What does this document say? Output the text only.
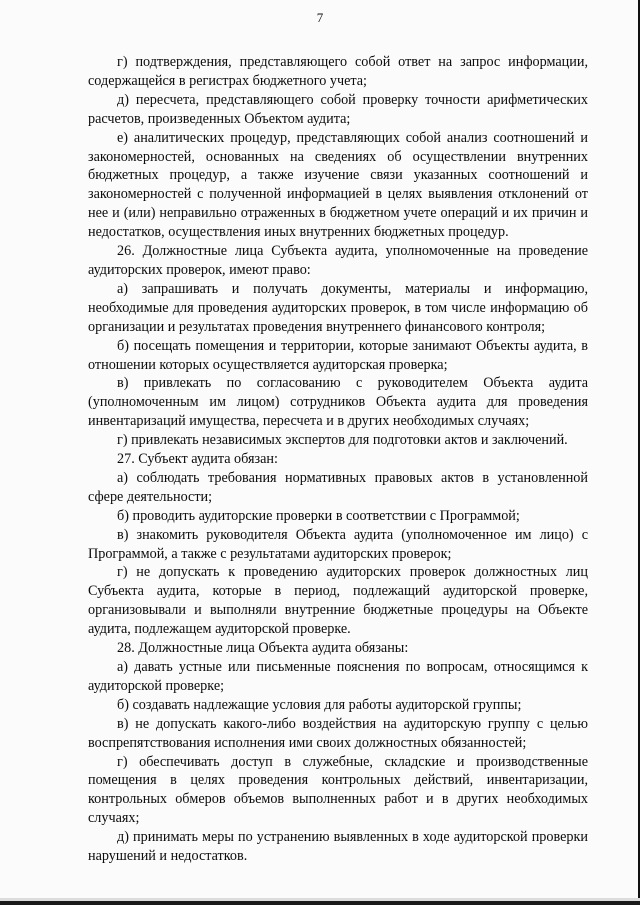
7

г) подтверждения, представляющего собой ответ на запрос информации, содержащейся в регистрах бюджетного учета;

д) пересчета, представляющего собой проверку точности арифметических расчетов, произведенных Объектом аудита;

е) аналитических процедур, представляющих собой анализ соотношений и закономерностей, основанных на сведениях об осуществлении внутренних бюджетных процедур, а также изучение связи указанных соотношений и закономерностей с полученной информацией в целях выявления отклонений от нее и (или) неправильно отраженных в бюджетном учете операций и их причин и недостатков, осуществления иных внутренних бюджетных процедур.

26. Должностные лица Субъекта аудита, уполномоченные на проведение аудиторских проверок, имеют право:

а) запрашивать и получать документы, материалы и информацию, необходимые для проведения аудиторских проверок, в том числе информацию об организации и результатах проведения внутреннего финансового контроля;

б) посещать помещения и территории, которые занимают Объекты аудита, в отношении которых осуществляется аудиторская проверка;

в) привлекать по согласованию с руководителем Объекта аудита (уполномоченным им лицом) сотрудников Объекта аудита для проведения инвентаризаций имущества, пересчета и в других необходимых случаях;

г) привлекать независимых экспертов для подготовки актов и заключений.

27. Субъект аудита обязан:

а) соблюдать требования нормативных правовых актов в установленной сфере деятельности;

б) проводить аудиторские проверки в соответствии с Программой;

в) знакомить руководителя Объекта аудита (уполномоченное им лицо) с Программой, а также с результатами аудиторских проверок;

г) не допускать к проведению аудиторских проверок должностных лиц Субъекта аудита, которые в период, подлежащий аудиторской проверке, организовывали и выполняли внутренние бюджетные процедуры на Объекте аудита, подлежащем аудиторской проверке.

28. Должностные лица Объекта аудита обязаны:

а) давать устные или письменные пояснения по вопросам, относящимся к аудиторской проверке;

б) создавать надлежащие условия для работы аудиторской группы;

в) не допускать какого-либо воздействия на аудиторскую группу с целью воспрепятствования исполнения ими своих должностных обязанностей;

г) обеспечивать доступ в служебные, складские и производственные помещения в целях проведения контрольных действий, инвентаризации, контрольных обмеров объемов выполненных работ и в других необходимых случаях;

д) принимать меры по устранению выявленных в ходе аудиторской проверки нарушений и недостатков.
